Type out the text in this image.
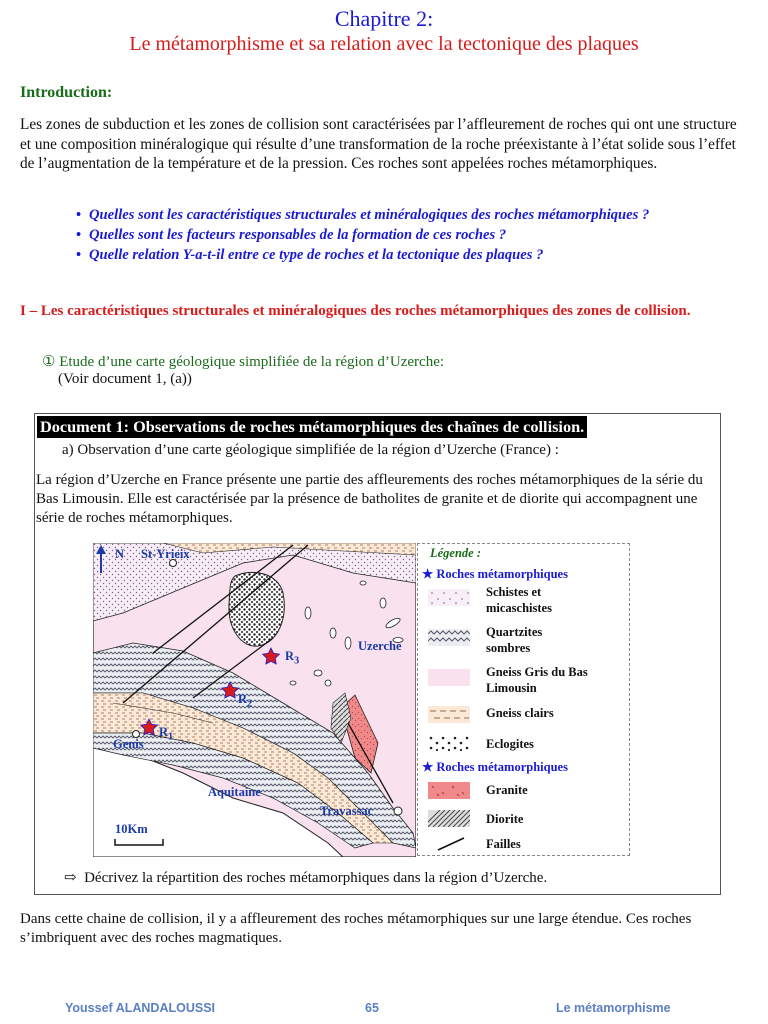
Chapitre 2:
Le métamorphisme et sa relation avec la tectonique des plaques
Introduction:
Les zones de subduction et les zones de collision sont caractérisées par l’affleurement de roches qui ont une structure et une composition minéralogique qui résulte d’une transformation de la roche préexistante à l’état solide sous l’effet de l’augmentation de la température et de la pression. Ces roches sont appelées roches métamorphiques.
• Quelles sont les caractéristiques structurales et minéralogiques des roches métamorphiques ?
• Quelles sont les facteurs responsables de la formation de ces roches ?
• Quelle relation Y-a-t-il entre ce type de roches et la tectonique des plaques ?
I – Les caractéristiques structurales et minéralogiques des roches métamorphiques des zones de collision.
① Etude d’une carte géologique simplifiée de la région d’Uzerche:
(Voir document 1, (a))
Document 1: Observations de roches métamorphiques des chaînes de collision.
a) Observation d’une carte géologique simplifiée de la région d’Uzerche (France) :
La région d’Uzerche en France présente une partie des affleurements des roches métamorphiques de la série du Bas Limousin. Elle est caractérisée par la présence de batholites de granite et de diorite qui accompagnent une série de roches métamorphiques.
N St-Yrieix
Uzerche
Genis
Aquitaine
Travassac
$R_3$
$R_2$
$R_1$
10Km
Légende :
★ Roches métamorphiques
Schistes et
micaschistes
Quartzites
sombres
Gneiss Gris du Bas
Limousin
Gneiss clairs
Eclogites
★ Roches métamorphiques
Granite
Diorite
Failles
⇨ Décrivez la répartition des roches métamorphiques dans la région d’Uzerche.
Dans cette chaine de collision, il y a affleurement des roches métamorphiques sur une large étendue. Ces roches s’imbriquent avec des roches magmatiques.
Youssef ALANDALOUSSI	65	Le métamorphisme
